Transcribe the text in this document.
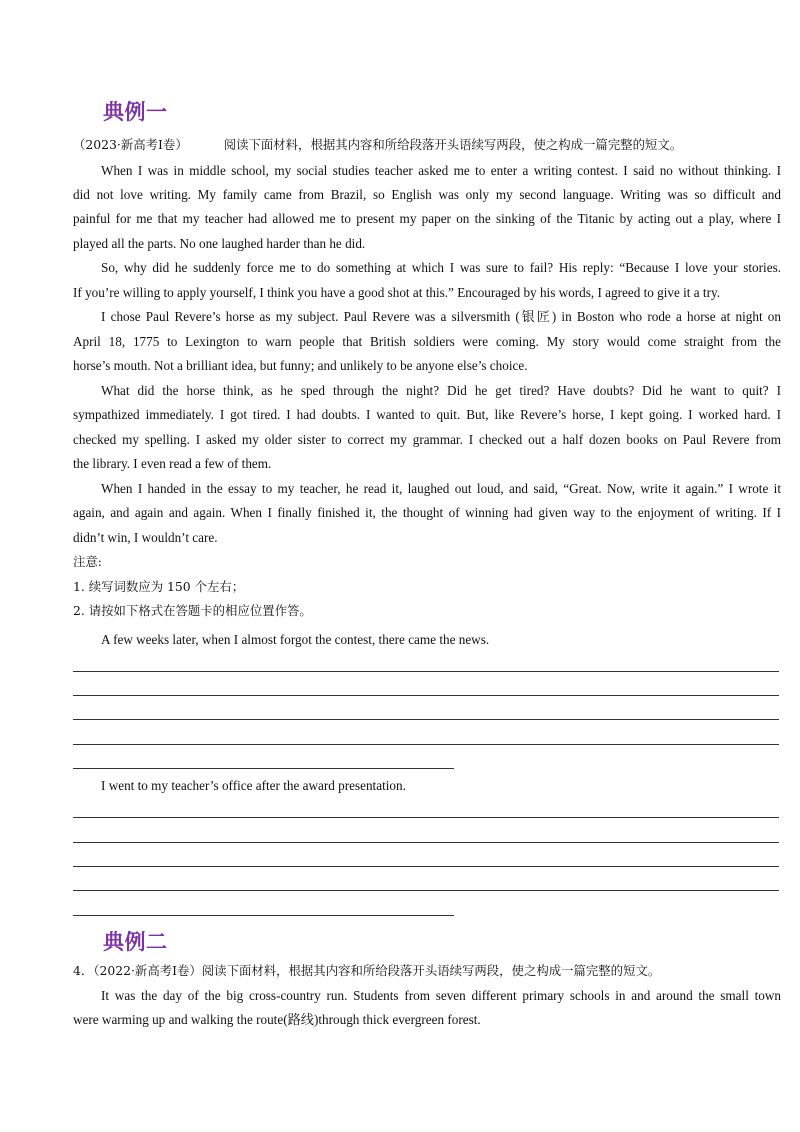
典例一
（2023·新高考Ⅰ卷）	阅读下面材料，根据其内容和所给段落开头语续写两段，使之构成一篇完整的短文。
When I was in middle school, my social studies teacher asked me to enter a writing contest. I said no without thinking. I
did not love writing. My family came from Brazil, so English was only my second language. Writing was so difficult and
painful for me that my teacher had allowed me to present my paper on the sinking of the Titanic by acting out a play, where I
played all the parts. No one laughed harder than he did.
So, why did he suddenly force me to do something at which I was sure to fail? His reply: “Because I love your stories.
If you’re willing to apply yourself, I think you have a good shot at this.” Encouraged by his words, I agreed to give it a try.
I chose Paul Revere’s horse as my subject. Paul Revere was a silversmith (银匠) in Boston who rode a horse at night on
April 18, 1775 to Lexington to warn people that British soldiers were coming. My story would come straight from the
horse’s mouth. Not a brilliant idea, but funny; and unlikely to be anyone else’s choice.
What did the horse think, as he sped through the night? Did he get tired? Have doubts? Did he want to quit? I
sympathized immediately. I got tired. I had doubts. I wanted to quit. But, like Revere’s horse, I kept going. I worked hard. I
checked my spelling. I asked my older sister to correct my grammar. I checked out a half dozen books on Paul Revere from
the library. I even read a few of them.
When I handed in the essay to my teacher, he read it, laughed out loud, and said, “Great. Now, write it again.” I wrote it
again, and again and again. When I finally finished it, the thought of winning had given way to the enjoyment of writing. If I
didn’t win, I wouldn’t care.
注意:
1. 续写词数应为 150 个左右；
2. 请按如下格式在答题卡的相应位置作答。
A few weeks later, when I almost forgot the contest, there came the news.
I went to my teacher’s office after the award presentation.
典例二
4．（2022·新高考Ⅰ卷）阅读下面材料，根据其内容和所给段落开头语续写两段，使之构成一篇完整的短文。
It was the day of the big cross-country run. Students from seven different primary schools in and around the small town
were warming up and walking the route(路线)through thick evergreen forest.
